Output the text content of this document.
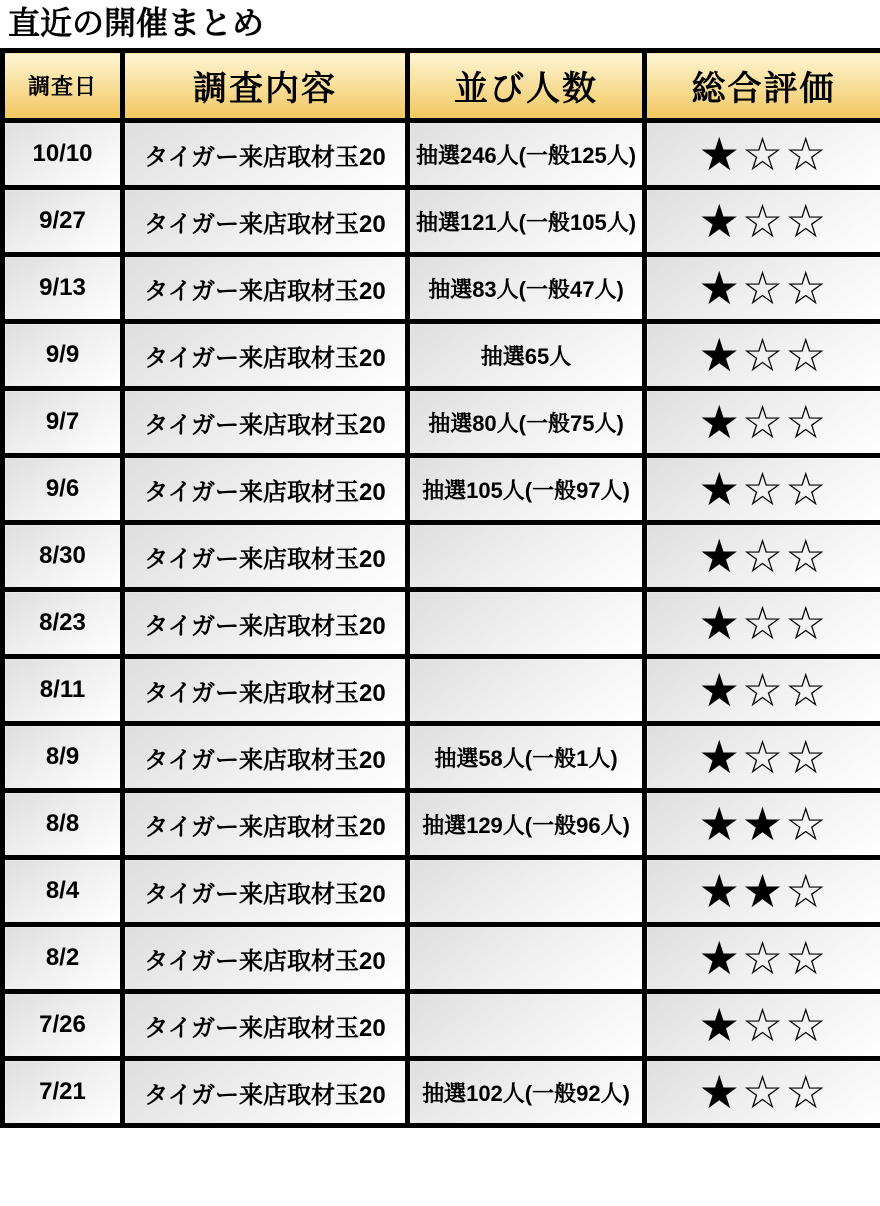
直近の開催まとめ
調査日	調査内容	並び人数	総合評価
10/10	タイガー来店取材玉20	抽選246人(一般125人)	★☆☆
9/27	タイガー来店取材玉20	抽選121人(一般105人)	★☆☆
9/13	タイガー来店取材玉20	抽選83人(一般47人)	★☆☆
9/9	タイガー来店取材玉20	抽選65人	★☆☆
9/7	タイガー来店取材玉20	抽選80人(一般75人)	★☆☆
9/6	タイガー来店取材玉20	抽選105人(一般97人)	★☆☆
8/30	タイガー来店取材玉20		★☆☆
8/23	タイガー来店取材玉20		★☆☆
8/11	タイガー来店取材玉20		★☆☆
8/9	タイガー来店取材玉20	抽選58人(一般1人)	★☆☆
8/8	タイガー来店取材玉20	抽選129人(一般96人)	★★☆
8/4	タイガー来店取材玉20		★★☆
8/2	タイガー来店取材玉20		★☆☆
7/26	タイガー来店取材玉20		★☆☆
7/21	タイガー来店取材玉20	抽選102人(一般92人)	★☆☆
